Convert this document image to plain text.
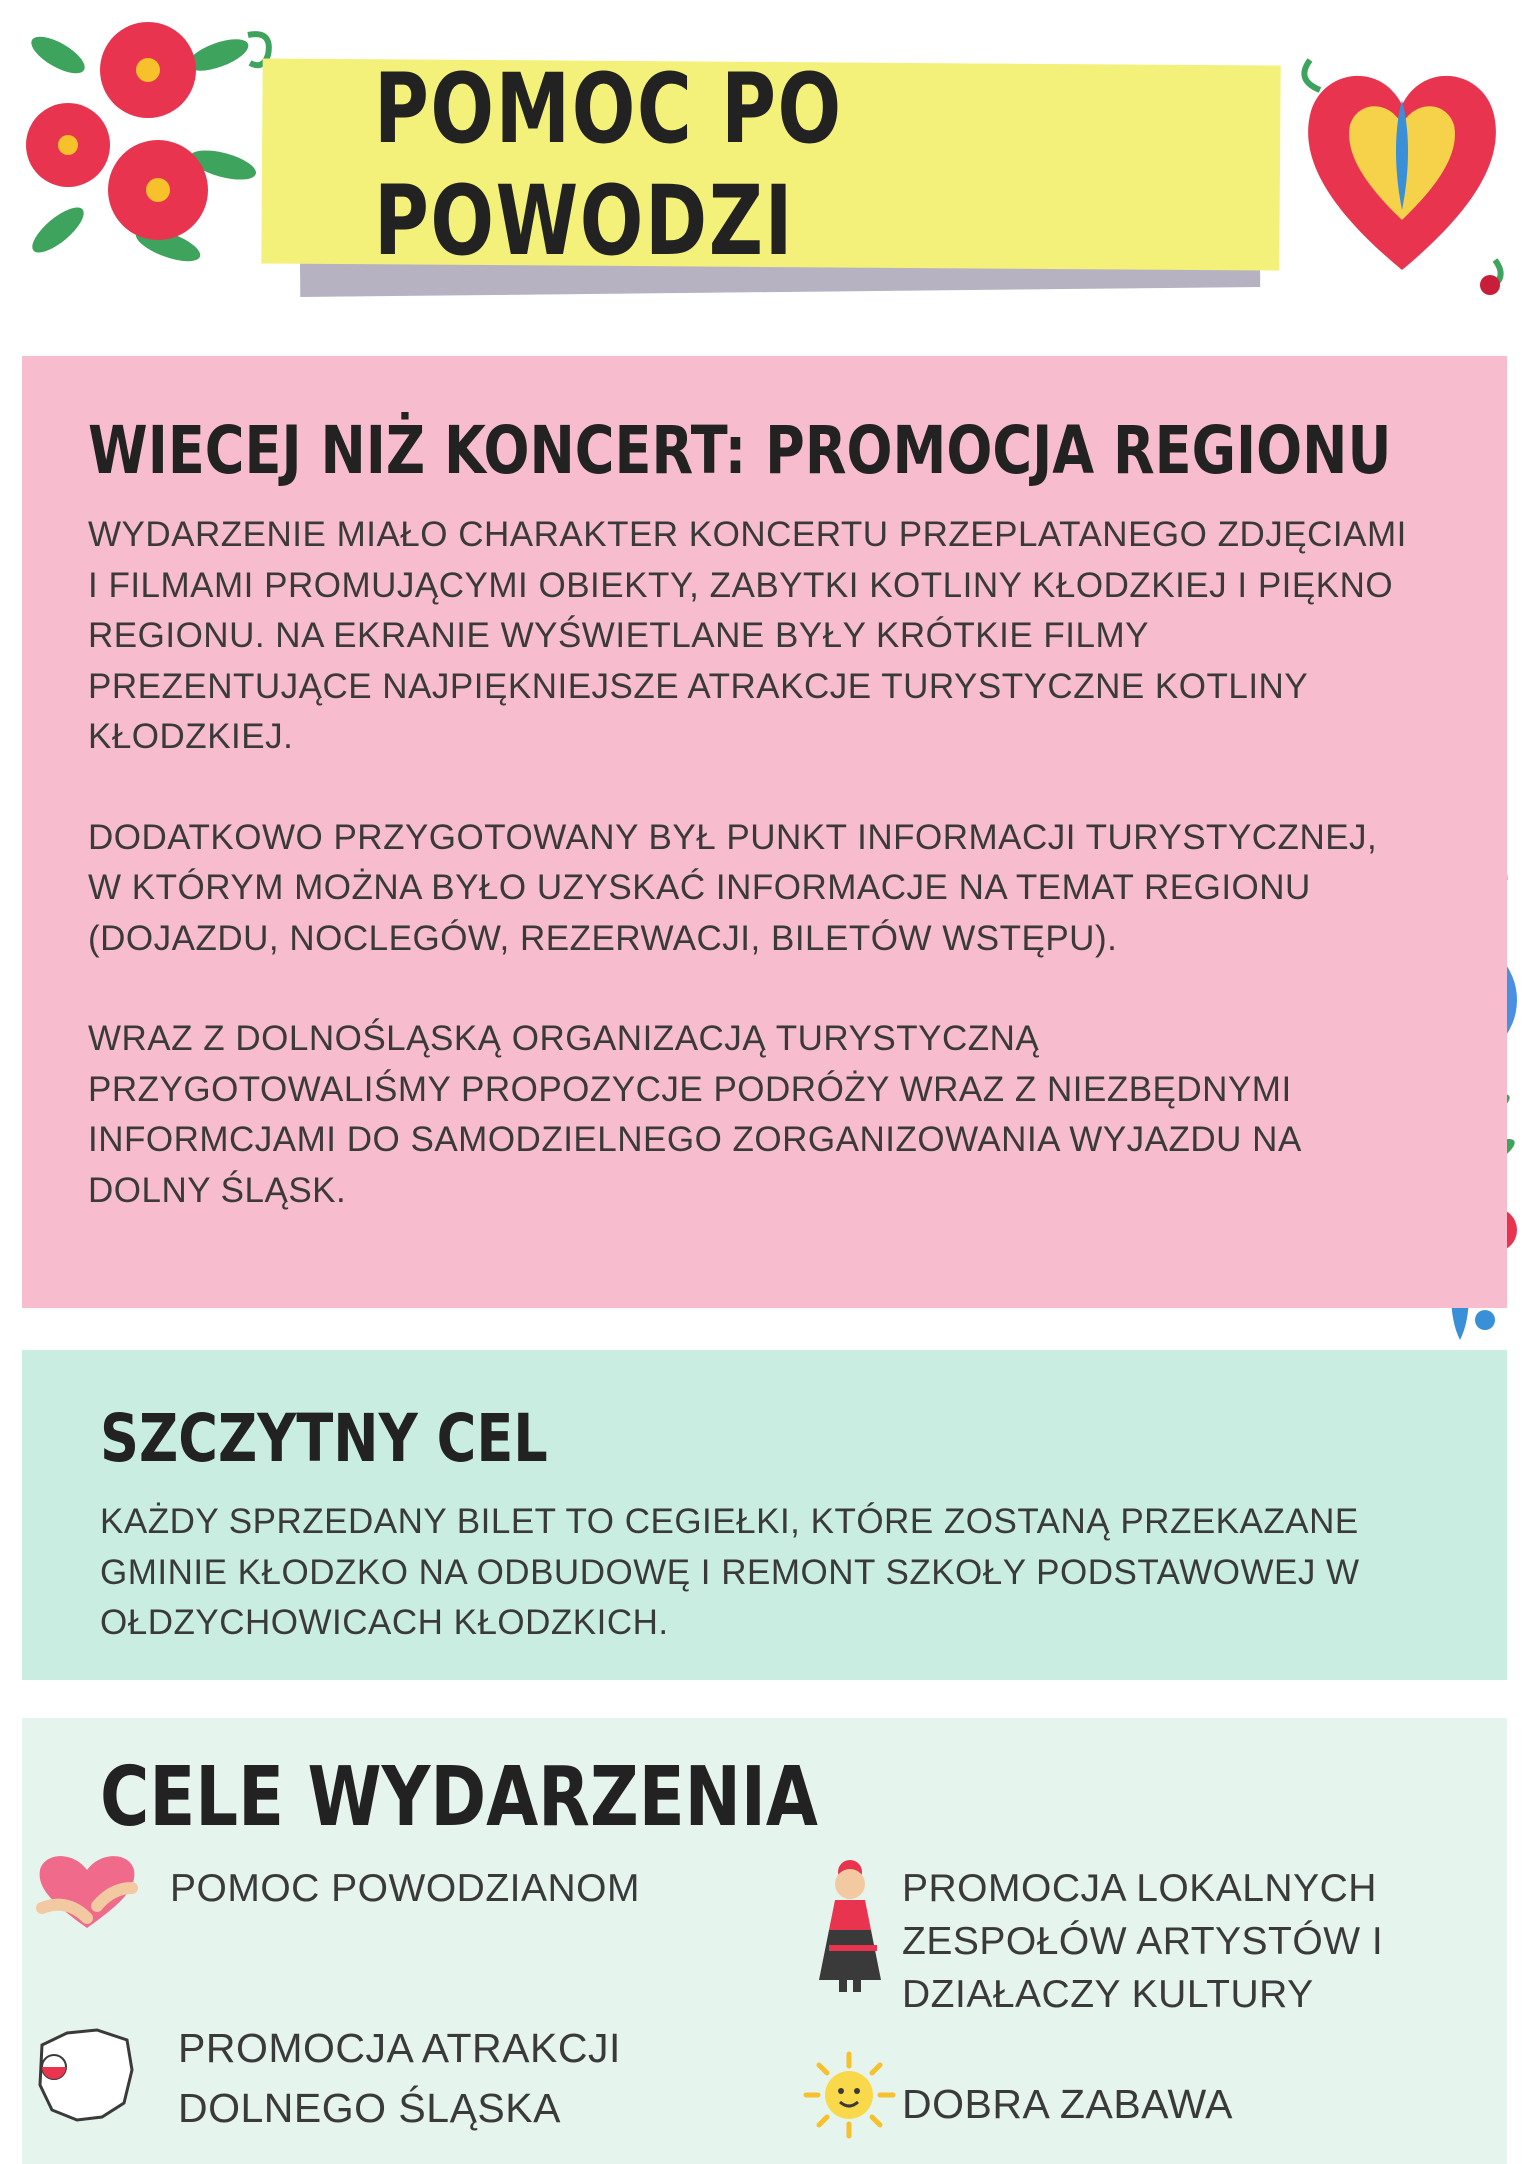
POMOC PO POWODZI
WIECEJ NIŻ KONCERT: PROMOCJA REGIONU

WYDARZENIE MIAŁO CHARAKTER KONCERTU PRZEPLATANEGO ZDJĘCIAMI I FILMAMI PROMUJĄCYMI OBIEKTY, ZABYTKI KOTLINY KŁODZKIEJ I PIĘKNO REGIONU. NA EKRANIE WYŚWIETLANE BYŁY KRÓTKIE FILMY PREZENTUJĄCE NAJPIĘKNIEJSZE ATRAKCJE TURYSTYCZNE KOTLINY KŁODZKIEJ.

DODATKOWO PRZYGOTOWANY BYŁ PUNKT INFORMACJI TURYSTYCZNEJ, W KTÓRYM MOŻNA BYŁO UZYSKAĆ INFORMACJE NA TEMAT REGIONU (DOJAZDU, NOCLEGÓW, REZERWACJI, BILETÓW WSTĘPU).

WRAZ Z DOLNOŚLĄSKĄ ORGANIZACJĄ TURYSTYCZNĄ PRZYGOTOWALIŚMY PROPOZYCJE PODRÓŻY WRAZ Z NIEZBĘDNYMI INFORMCJAMI DO SAMODZIELNEGO ZORGANIZOWANIA WYJAZDU NA DOLNY ŚLĄSK.

SZCZYTNY CEL
KAŻDY SPRZEDANY BILET TO CEGIEŁKI, KTÓRE ZOSTANĄ PRZEKAZANE GMINIE KŁODZKO NA ODBUDOWĘ I REMONT SZKOŁY PODSTAWOWEJ W OŁDZYCHOWICACH KŁODZKICH.
CELE WYDARZENIA
POMOC POWODZIANOM	PROMOCJA LOKALNYCH ZESPOŁÓW ARTYSTÓW I DZIAŁACZY KULTURY
PROMOCJA ATRAKCJI DOLNEGO ŚLĄSKA	DOBRA ZABAWA
